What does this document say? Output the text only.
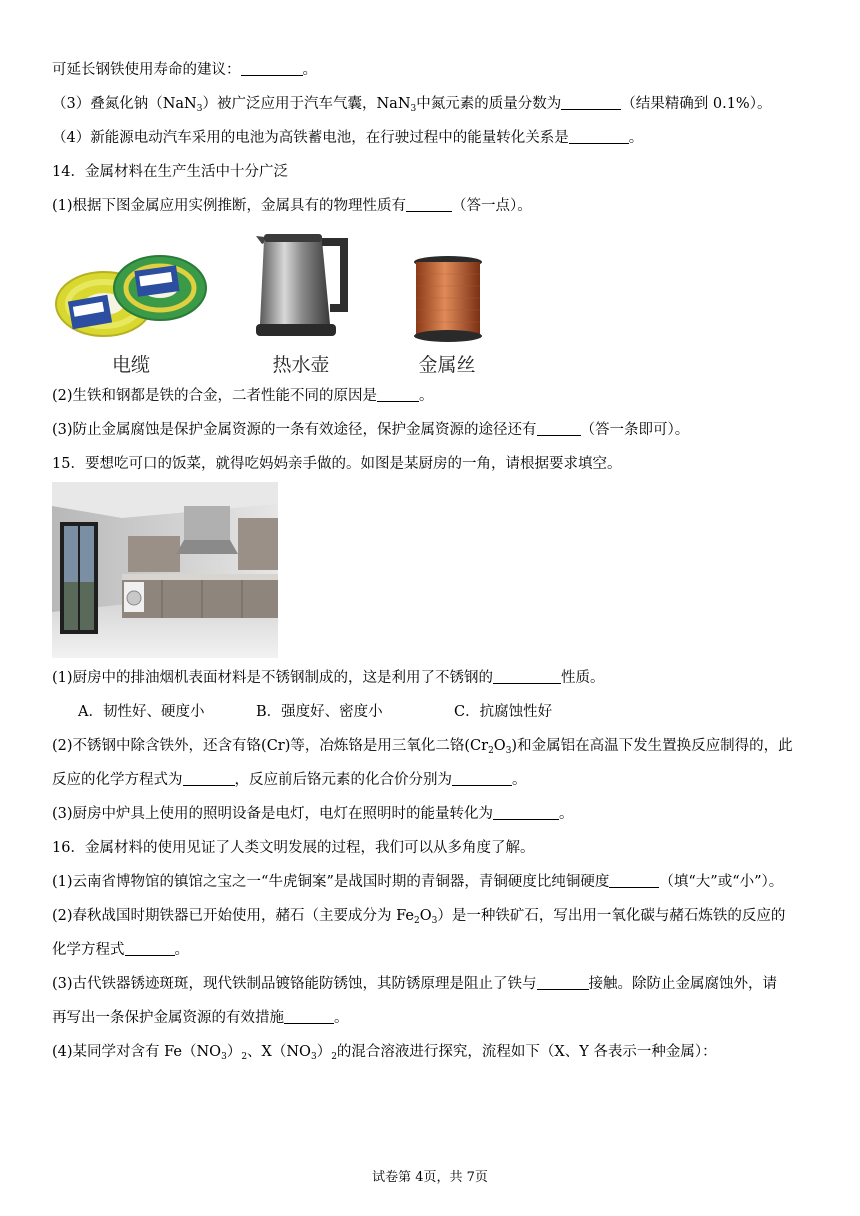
可延长钢铁使用寿命的建议：	。
（3）叠氮化钠（NaN$_3$）被广泛应用于汽车气囊，NaN$_3$中氮元素的质量分数为	（结果精确到 0.1%）。
（4）新能源电动汽车采用的电池为高铁蓄电池，在行驶过程中的能量转化关系是	。
14．金属材料在生产生活中十分广泛
(1)根据下图金属应用实例推断，金属具有的物理性质有	（答一点）。
电缆	热水壶	金属丝
(2)生铁和钢都是铁的合金，二者性能不同的原因是	。
(3)防止金属腐蚀是保护金属资源的一条有效途径，保护金属资源的途径还有	（答一条即可）。
15．要想吃可口的饭菜，就得吃妈妈亲手做的。如图是某厨房的一角，请根据要求填空。
(1)厨房中的排油烟机表面材料是不锈钢制成的，这是利用了不锈钢的	性质。
A．韧性好、硬度小	B．强度好、密度小	C．抗腐蚀性好
(2)不锈钢中除含铁外，还含有铬(Cr)等，冶炼铬是用三氧化二铬$(Cr_2O_3)$和金属铝在高温下发生置换反应制得的，此
反应的化学方程式为	，反应前后铬元素的化合价分别为	。
(3)厨房中炉具上使用的照明设备是电灯，电灯在照明时的能量转化为	。
16．金属材料的使用见证了人类文明发展的过程，我们可以从多角度了解。
(1)云南省博物馆的镇馆之宝之一“牛虎铜案”是战国时期的青铜器，青铜硬度比纯铜硬度	（填“大”或“小”）。
(2)春秋战国时期铁器已开始使用，赭石（主要成分为 $Fe_2O_3$）是一种铁矿石，写出用一氧化碳与赭石炼铁的反应的
化学方程式	。
(3)古代铁器锈迹斑斑，现代铁制品镀铬能防锈蚀，其防锈原理是阻止了铁与	接触。除防止金属腐蚀外，请
再写出一条保护金属资源的有效措施	。
(4)某同学对含有 $Fe(NO_3)_2$、$X(NO_3)_2$的混合溶液进行探究，流程如下（X、Y 各表示一种金属）：
试卷第 4页，共 7页
